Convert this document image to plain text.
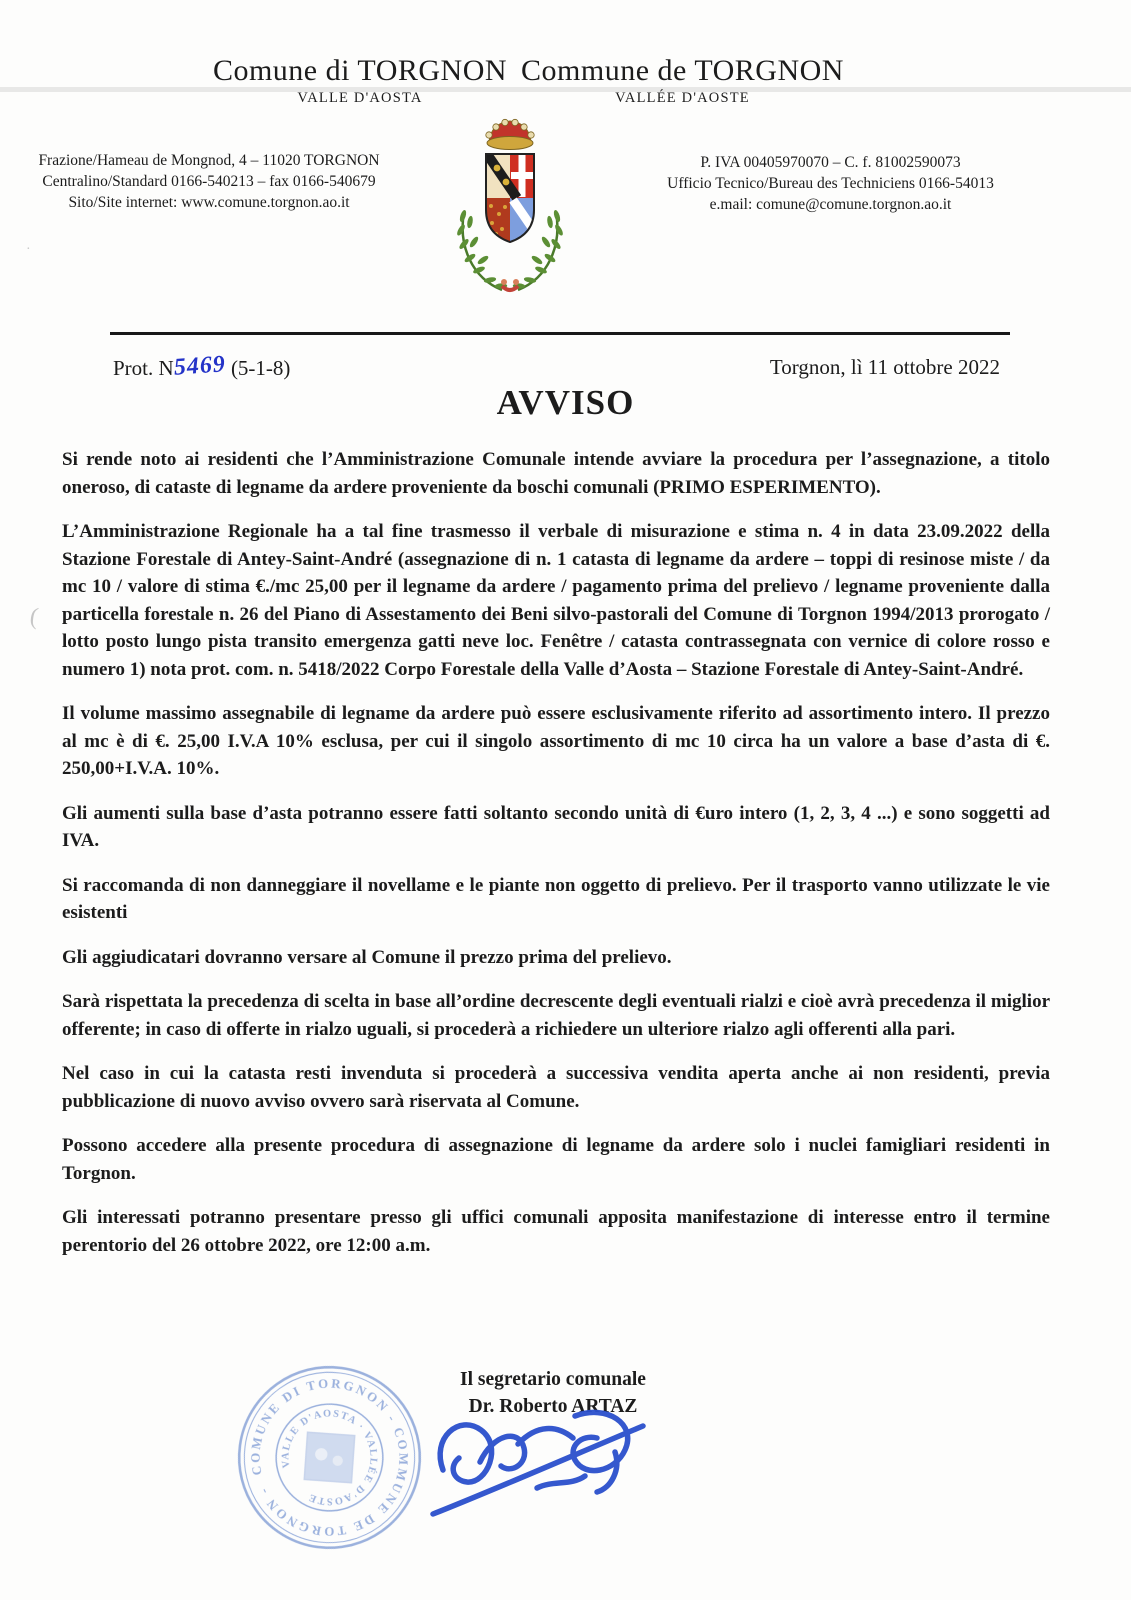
(
·
Comune di TORGNON Commune de TORGNON
VALLE D'AOSTA	VALLÉE D'AOSTE
Frazione/Hameau de Mongnod, 4 – 11020 TORGNON
Centralino/Standard 0166-540213 – fax 0166-540679
Sito/Site internet: www.comune.torgnon.ao.it
P. IVA 00405970070 – C. f. 81002590073
Ufficio Tecnico/Bureau des Techniciens 0166-54013
e.mail: comune@comune.torgnon.ao.it
Prot. N5469 (5-1-8)	Torgnon, lì 11 ottobre 2022
AVVISO

Si rende noto ai residenti che l’Amministrazione Comunale intende avviare la procedura per l’assegnazione, a titolo oneroso, di cataste di legname da ardere proveniente da boschi comunali (PRIMO ESPERIMENTO).

L’Amministrazione Regionale ha a tal fine trasmesso il verbale di misurazione e stima n. 4 in data 23.09.2022 della Stazione Forestale di Antey-Saint-André (assegnazione di n. 1 catasta di legname da ardere – toppi di resinose miste / da mc 10 / valore di stima €./mc 25,00 per il legname da ardere / pagamento prima del prelievo / legname proveniente dalla particella forestale n. 26 del Piano di Assestamento dei Beni silvo-pastorali del Comune di Torgnon 1994/2013 prorogato / lotto posto lungo pista transito emergenza gatti neve loc. Fenêtre / catasta contrassegnata con vernice di colore rosso e numero 1) nota prot. com. n. 5418/2022 Corpo Forestale della Valle d’Aosta – Stazione Forestale di Antey-Saint-André.

Il volume massimo assegnabile di legname da ardere può essere esclusivamente riferito ad assortimento intero. Il prezzo al mc è di €. 25,00 I.V.A 10% esclusa, per cui il singolo assortimento di mc 10 circa ha un valore a base d’asta di €. 250,00+I.V.A. 10%.

Gli aumenti sulla base d’asta potranno essere fatti soltanto secondo unità di €uro intero (1, 2, 3, 4 ...) e sono soggetti ad IVA.

Si raccomanda di non danneggiare il novellame e le piante non oggetto di prelievo. Per il trasporto vanno utilizzate le vie esistenti

Gli aggiudicatari dovranno versare al Comune il prezzo prima del prelievo.

Sarà rispettata la precedenza di scelta in base all’ordine decrescente degli eventuali rialzi e cioè avrà precedenza il miglior offerente; in caso di offerte in rialzo uguali, si procederà a richiedere un ulteriore rialzo agli offerenti alla pari.

Nel caso in cui la catasta resti invenduta si procederà a successiva vendita aperta anche ai non residenti, previa pubblicazione di nuovo avviso ovvero sarà riservata al Comune.

Possono accedere alla presente procedura di assegnazione di legname da ardere solo i nuclei famigliari residenti in Torgnon.

Gli interessati potranno presentare presso gli uffici comunali apposita manifestazione di interesse entro il termine perentorio del 26 ottobre 2022, ore 12:00 a.m.

Il segretario comunale
Dr. Roberto ARTAZ
COMUNE DI TORGNON - COMMUNE DE TORGNON -
VALLE D'AOSTA · VALLÉE D'AOSTE
